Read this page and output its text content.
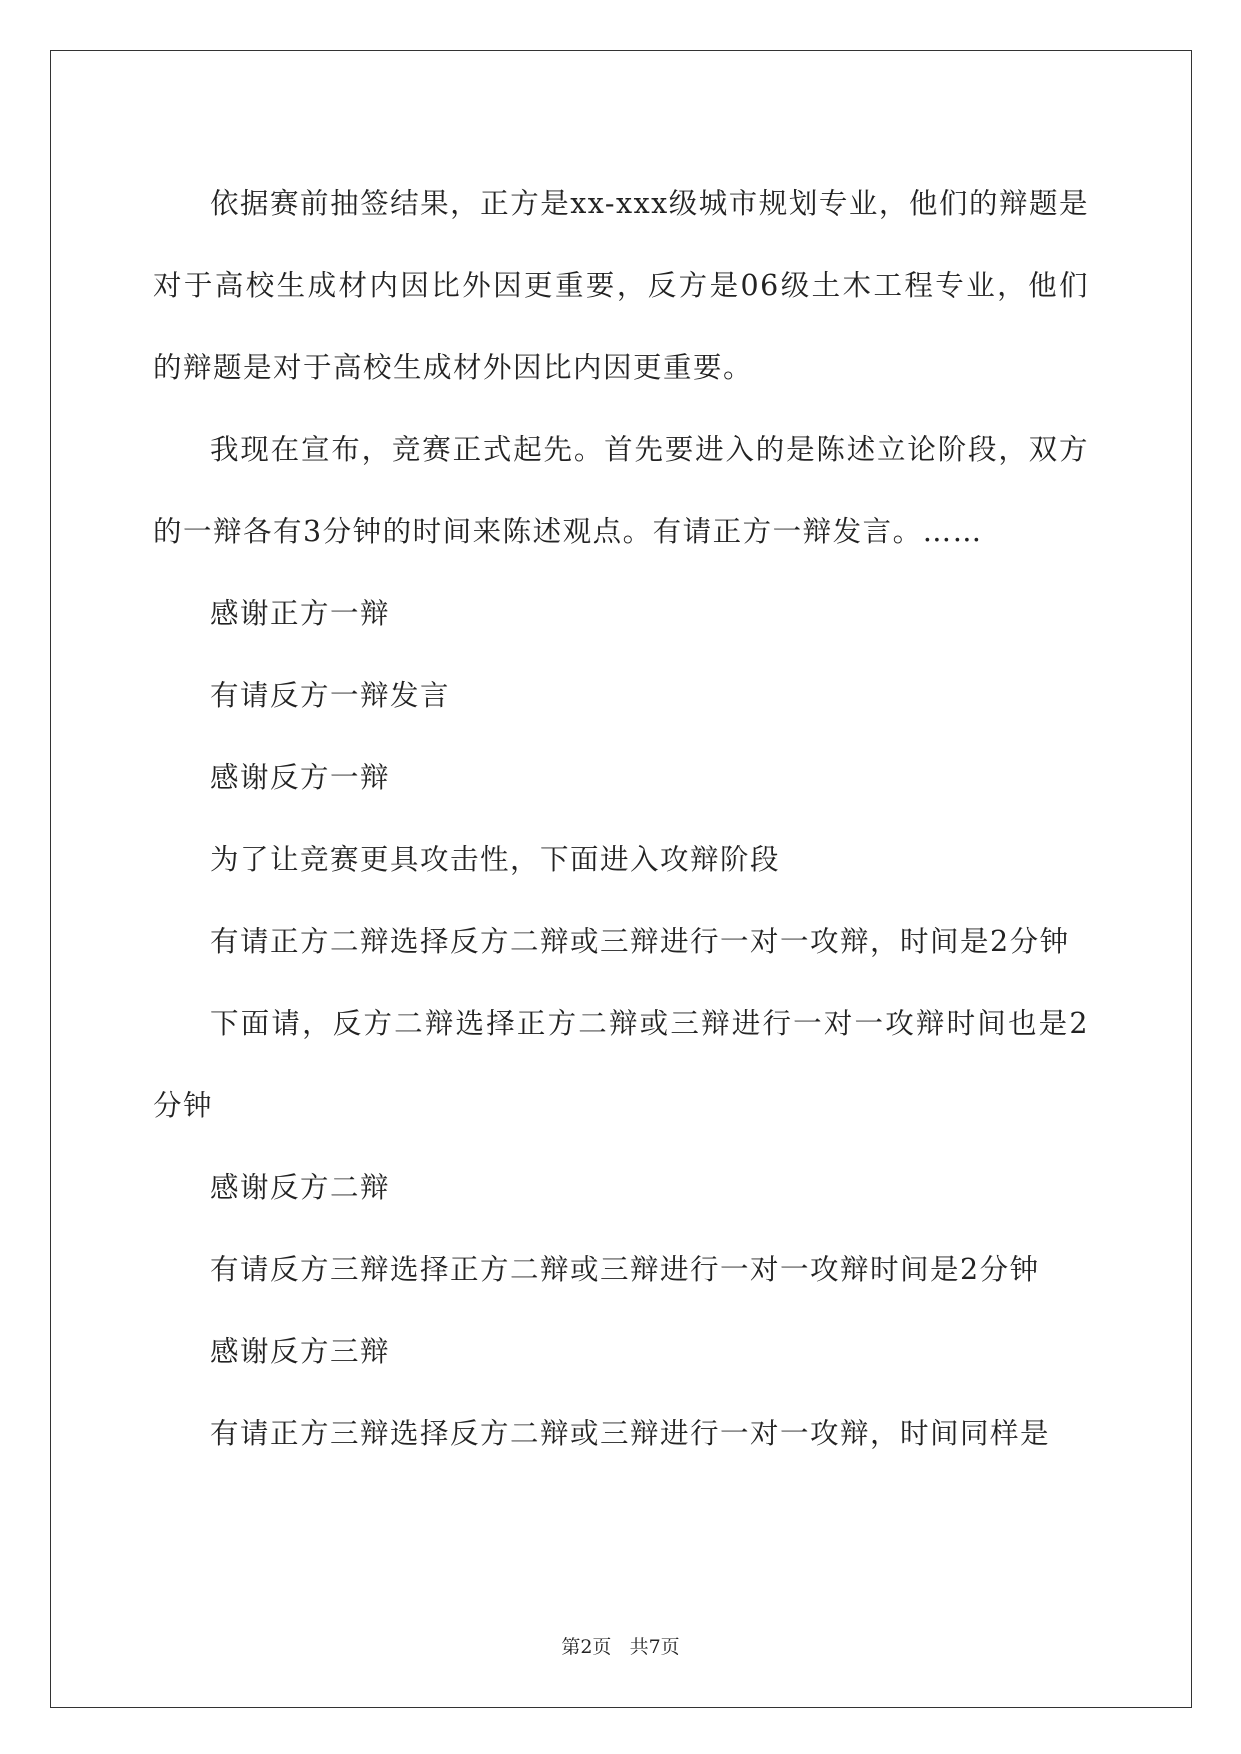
依据赛前抽签结果，正方是xx-xxx级城市规划专业，他们的辩题是对于高校生成材内因比外因更重要，反方是06级土木工程专业，他们的辩题是对于高校生成材外因比内因更重要。

我现在宣布，竞赛正式起先。首先要进入的是陈述立论阶段，双方的一辩各有3分钟的时间来陈述观点。有请正方一辩发言。……

感谢正方一辩

有请反方一辩发言

感谢反方一辩

为了让竞赛更具攻击性，下面进入攻辩阶段

有请正方二辩选择反方二辩或三辩进行一对一攻辩，时间是2分钟

下面请，反方二辩选择正方二辩或三辩进行一对一攻辩时间也是2分钟

感谢反方二辩

有请反方三辩选择正方二辩或三辩进行一对一攻辩时间是2分钟

感谢反方三辩

有请正方三辩选择反方二辩或三辩进行一对一攻辩，时间同样是

第2页 共7页
